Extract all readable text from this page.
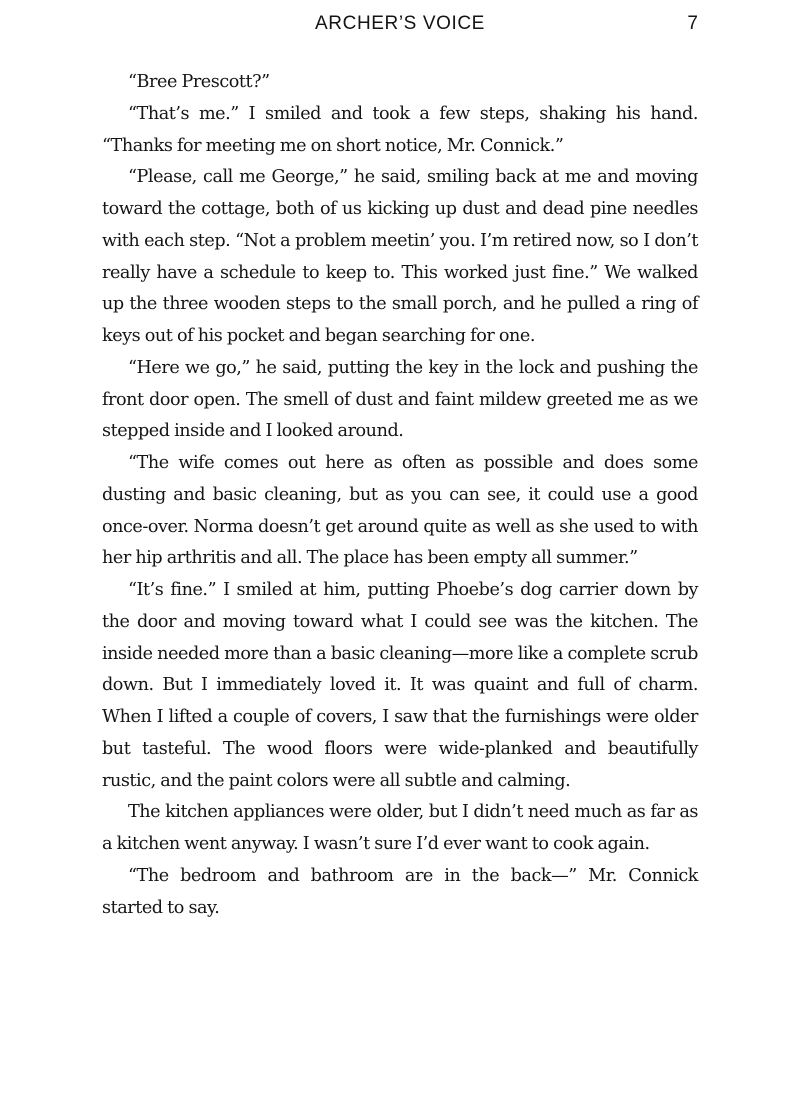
ARCHER’S VOICE	7

“Bree Prescott?”

“That’s me.” I smiled and took a few steps, shaking his hand. “Thanks for meeting me on short notice, Mr. Connick.”

“Please, call me George,” he said, smiling back at me and moving toward the cottage, both of us kicking up dust and dead pine needles with each step. “Not a problem meetin’ you. I’m retired now, so I don’t really have a schedule to keep to. This worked just fine.” We walked up the three wooden steps to the small porch, and he pulled a ring of keys out of his pocket and began searching for one.

“Here we go,” he said, putting the key in the lock and pushing the front door open. The smell of dust and faint mildew greeted me as we stepped inside and I looked around.

“The wife comes out here as often as possible and does some dusting and basic cleaning, but as you can see, it could use a good once-over. Norma doesn’t get around quite as well as she used to with her hip arthritis and all. The place has been empty all summer.”

“It’s fine.” I smiled at him, putting Phoebe’s dog carrier down by the door and moving toward what I could see was the kitchen. The inside needed more than a basic cleaning—more like a complete scrub down. But I immediately loved it. It was quaint and full of charm. When I lifted a couple of covers, I saw that the furnishings were older but tasteful. The wood floors were wide-planked and beautifully rustic, and the paint colors were all subtle and calming.

The kitchen appliances were older, but I didn’t need much as far as a kitchen went anyway. I wasn’t sure I’d ever want to cook again.

“The bedroom and bathroom are in the back—” Mr. Connick started to say.
